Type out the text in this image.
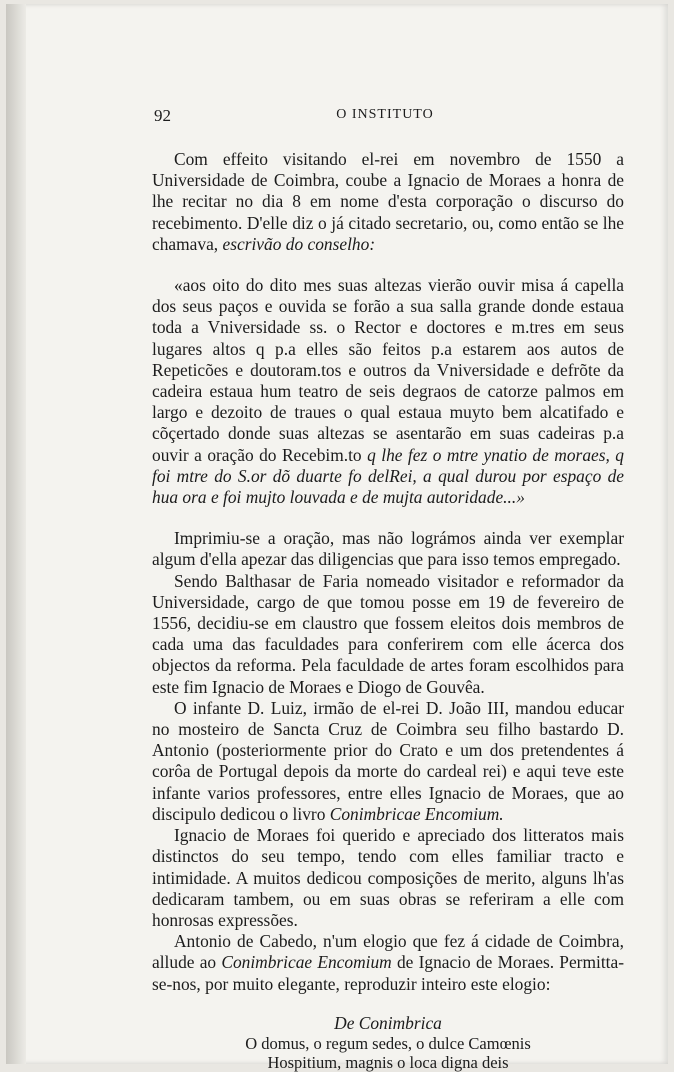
92	O INSTITUTO

Com effeito visitando el-rei em novembro de 1550 a Universidade de Coimbra, coube a Ignacio de Moraes a honra de lhe recitar no dia 8 em nome d'esta corporação o discurso do recebimento. D'elle diz o já citado secretario, ou, como então se lhe chamava, escrivão do conselho:

«aos oito do dito mes suas altezas vierão ouvir misa á capella dos seus paços e ouvida se forão a sua salla grande donde estaua toda a Vniversidade ss. o Rector e doctores e m.tres em seus lugares altos q p.a elles são feitos p.a estarem aos autos de Repeticões e doutoram.tos e outros da Vniversidade e defrõte da cadeira estaua hum teatro de seis degraos de catorze palmos em largo e dezoito de traues o qual estaua muyto bem alcatifado e cõçertado donde suas altezas se asentarão em suas cadeiras p.a ouvir a oração do Recebim.to q lhe fez o mtre ynatio de moraes, q foi mtre do S.or dõ duarte fo delRei, a qual durou por espaço de hua ora e foi mujto louvada e de mujta autoridade...»

Imprimiu-se a oração, mas não lográmos ainda ver exemplar algum d'ella apezar das diligencias que para isso temos empregado.

Sendo Balthasar de Faria nomeado visitador e reformador da Universidade, cargo de que tomou posse em 19 de fevereiro de 1556, decidiu-se em claustro que fossem eleitos dois membros de cada uma das faculdades para conferirem com elle ácerca dos objectos da reforma. Pela faculdade de artes foram escolhidos para este fim Ignacio de Moraes e Diogo de Gouvêa.

O infante D. Luiz, irmão de el-rei D. João III, mandou educar no mosteiro de Sancta Cruz de Coimbra seu filho bastardo D. Antonio (posteriormente prior do Crato e um dos pretendentes á corôa de Portugal depois da morte do cardeal rei) e aqui teve este infante varios professores, entre elles Ignacio de Moraes, que ao discipulo dedicou o livro Conimbricae Encomium.

Ignacio de Moraes foi querido e apreciado dos litteratos mais distinctos do seu tempo, tendo com elles familiar tracto e intimidade. A muitos dedicou composições de merito, alguns lh'as dedicaram tambem, ou em suas obras se referiram a elle com honrosas expressões.

Antonio de Cabedo, n'um elogio que fez á cidade de Coimbra, allude ao Conimbricae Encomium de Ignacio de Moraes. Permitta-se-nos, por muito elegante, reproduzir inteiro este elogio:

De Conimbrica

O domus, o regum sedes, o dulce Camœnis

Hospitium, magnis o loca digna deis
